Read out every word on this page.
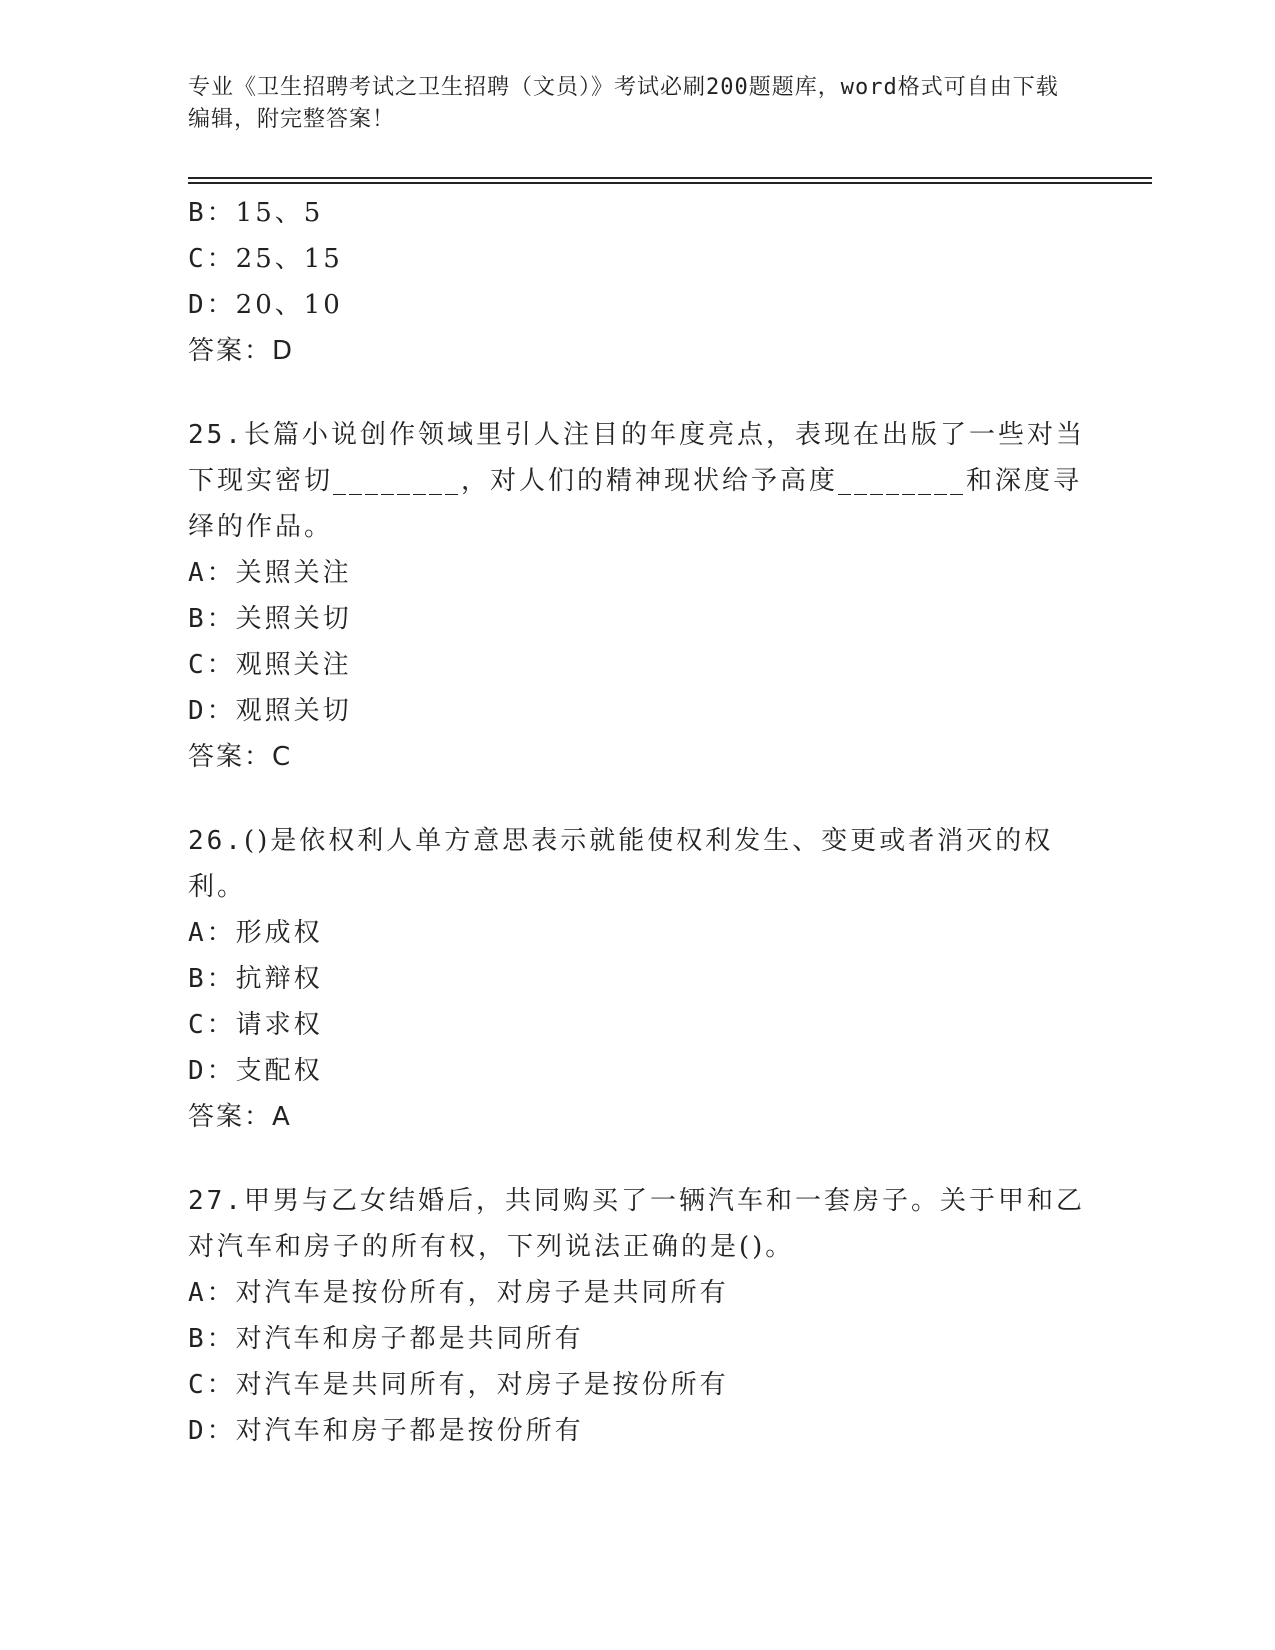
专业《卫生招聘考试之卫生招聘（文员）》考试必刷200题题库，word格式可自由下载编辑，附完整答案！

B：15、5

C：25、15

D：20、10

答案：D

25.长篇小说创作领域里引人注目的年度亮点，表现在出版了一些对当下现实密切________，对人们的精神现状给予高度________和深度寻绎的作品。

A：关照关注

B：关照关切

C：观照关注

D：观照关切

答案：C

26.()是依权利人单方意思表示就能使权利发生、变更或者消灭的权利。

A：形成权

B：抗辩权

C：请求权

D：支配权

答案：A

27.甲男与乙女结婚后，共同购买了一辆汽车和一套房子。关于甲和乙对汽车和房子的所有权，下列说法正确的是()。

A：对汽车是按份所有，对房子是共同所有

B：对汽车和房子都是共同所有

C：对汽车是共同所有，对房子是按份所有

D：对汽车和房子都是按份所有
